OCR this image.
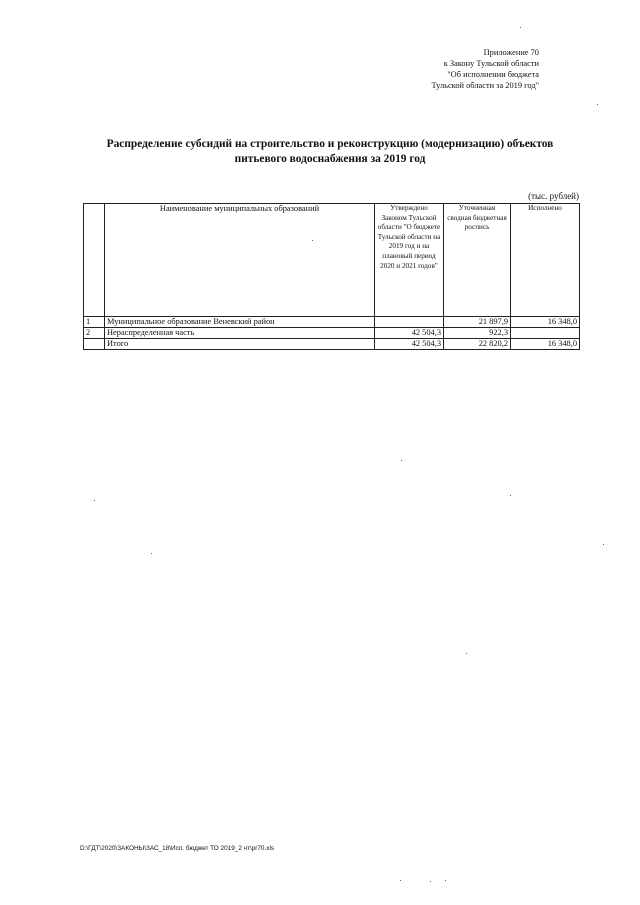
Приложение 70
к Закону Тульской области
"Об исполнении бюджета
Тульской области за 2019 год"
Распределение субсидий на строительство и реконструкцию (модернизацию) объектов
питьевого водоснабжения за 2019 год
(тыс. рублей)
	Наименование муниципальных образований	Утверждено Законом Тульской области "О бюджете Тульской области на 2019 год и на плановый период 2020 и 2021 годов"	Уточненная сводная бюджетная роспись	Исполнено
1	Муниципальное образование Веневский район		21 897,9	16 348,0
2	Нераспределенная часть	42 504,3	922,3	
	Итого	42 504,3	22 820,2	16 348,0
D:\ГДТ\2020\ЗАКОНЫ\ЗАС_18\Исп. бюджет ТО 2019_2 чт\pr70.xls
